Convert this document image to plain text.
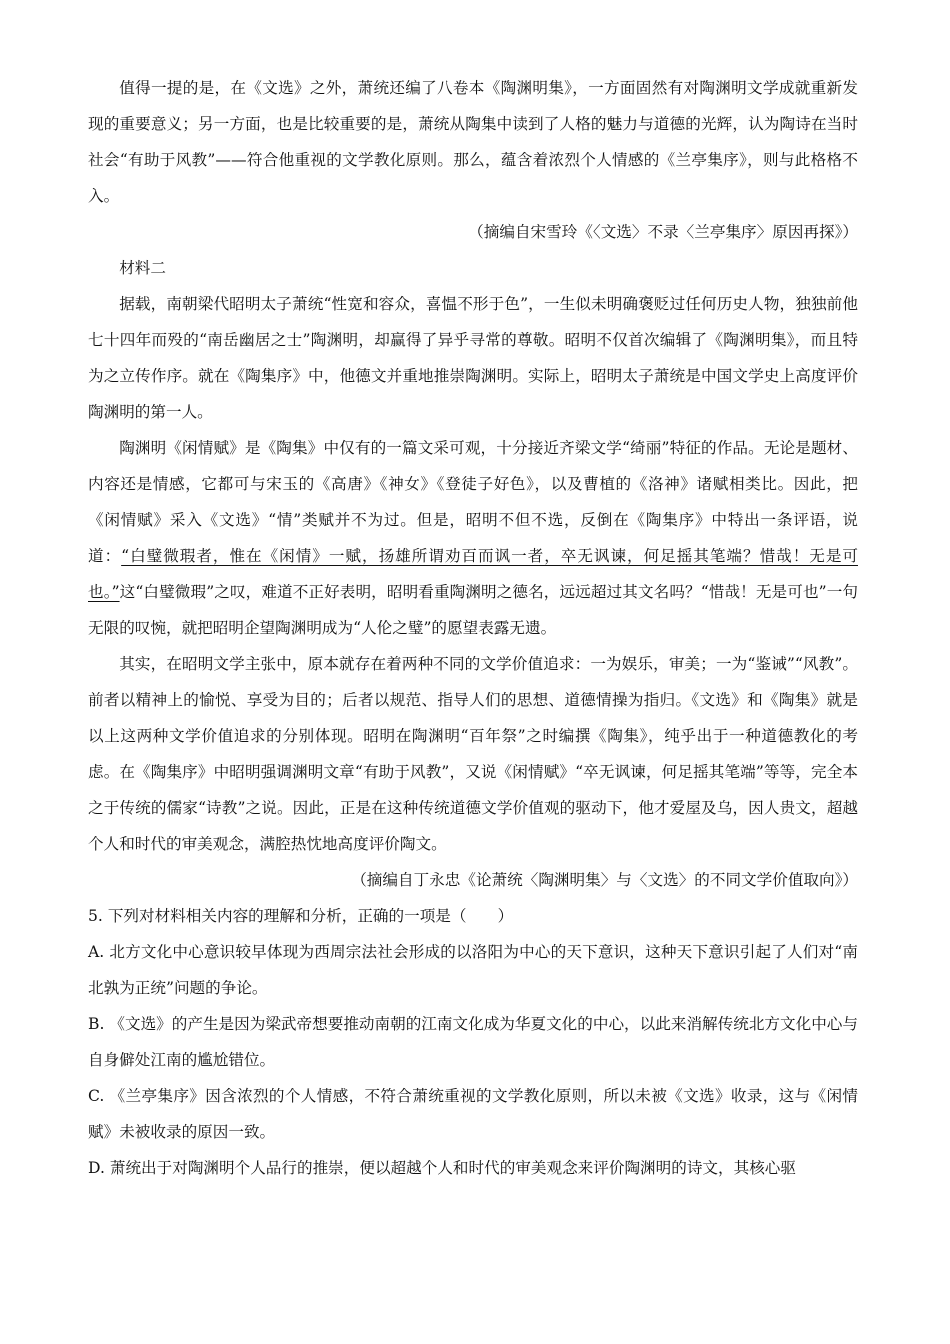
值得一提的是，在《文选》之外，萧统还编了八卷本《陶渊明集》，一方面固然有对陶渊明文学成就重新发现的重要意义；另一方面，也是比较重要的是，萧统从陶集中读到了人格的魅力与道德的光辉，认为陶诗在当时社会“有助于风教”——符合他重视的文学教化原则。那么，蕴含着浓烈个人情感的《兰亭集序》，则与此格格不入。

（摘编自宋雪玲《〈文选〉不录〈兰亭集序〉原因再探》）

材料二

据载，南朝梁代昭明太子萧统“性宽和容众，喜愠不形于色”，一生似未明确褒贬过任何历史人物，独独前他七十四年而殁的“南岳幽居之士”陶渊明，却赢得了异乎寻常的尊敬。昭明不仅首次编辑了《陶渊明集》，而且特为之立传作序。就在《陶集序》中，他德文并重地推崇陶渊明。实际上，昭明太子萧统是中国文学史上高度评价陶渊明的第一人。

陶渊明《闲情赋》是《陶集》中仅有的一篇文采可观，十分接近齐梁文学“绮丽”特征的作品。无论是题材、内容还是情感，它都可与宋玉的《高唐》《神女》《登徒子好色》，以及曹植的《洛神》诸赋相类比。因此，把《闲情赋》采入《文选》“情”类赋并不为过。但是，昭明不但不选，反倒在《陶集序》中特出一条评语，说道：“白璧微瑕者，惟在《闲情》一赋，扬雄所谓劝百而讽一者，卒无讽谏，何足摇其笔端？惜哉！无是可也。”这“白璧微瑕”之叹，难道不正好表明，昭明看重陶渊明之德名，远远超过其文名吗？“惜哉！无是可也”一句无限的叹惋，就把昭明企望陶渊明成为“人伦之璧”的愿望表露无遗。

其实，在昭明文学主张中，原本就存在着两种不同的文学价值追求：一为娱乐，审美；一为“鉴诫”“风教”。前者以精神上的愉悦、享受为目的；后者以规范、指导人们的思想、道德情操为指归。《文选》和《陶集》就是以上这两种文学价值追求的分别体现。昭明在陶渊明“百年祭”之时编撰《陶集》，纯乎出于一种道德教化的考虑。在《陶集序》中昭明强调渊明文章“有助于风教”，又说《闲情赋》“卒无讽谏，何足摇其笔端”等等，完全本之于传统的儒家“诗教”之说。因此，正是在这种传统道德文学价值观的驱动下，他才爱屋及乌，因人贵文，超越个人和时代的审美观念，满腔热忱地高度评价陶文。

（摘编自丁永忠《论萧统〈陶渊明集〉与〈文选〉的不同文学价值取向》）

5. 下列对材料相关内容的理解和分析，正确的一项是（　　）

A. 北方文化中心意识较早体现为西周宗法社会形成的以洛阳为中心的天下意识，这种天下意识引起了人们对“南北孰为正统”问题的争论。

B. 《文选》的产生是因为梁武帝想要推动南朝的江南文化成为华夏文化的中心，以此来消解传统北方文化中心与自身僻处江南的尴尬错位。

C. 《兰亭集序》因含浓烈的个人情感，不符合萧统重视的文学教化原则，所以未被《文选》收录，这与《闲情赋》未被收录的原因一致。

D. 萧统出于对陶渊明个人品行的推崇，便以超越个人和时代的审美观念来评价陶渊明的诗文，其核心驱
